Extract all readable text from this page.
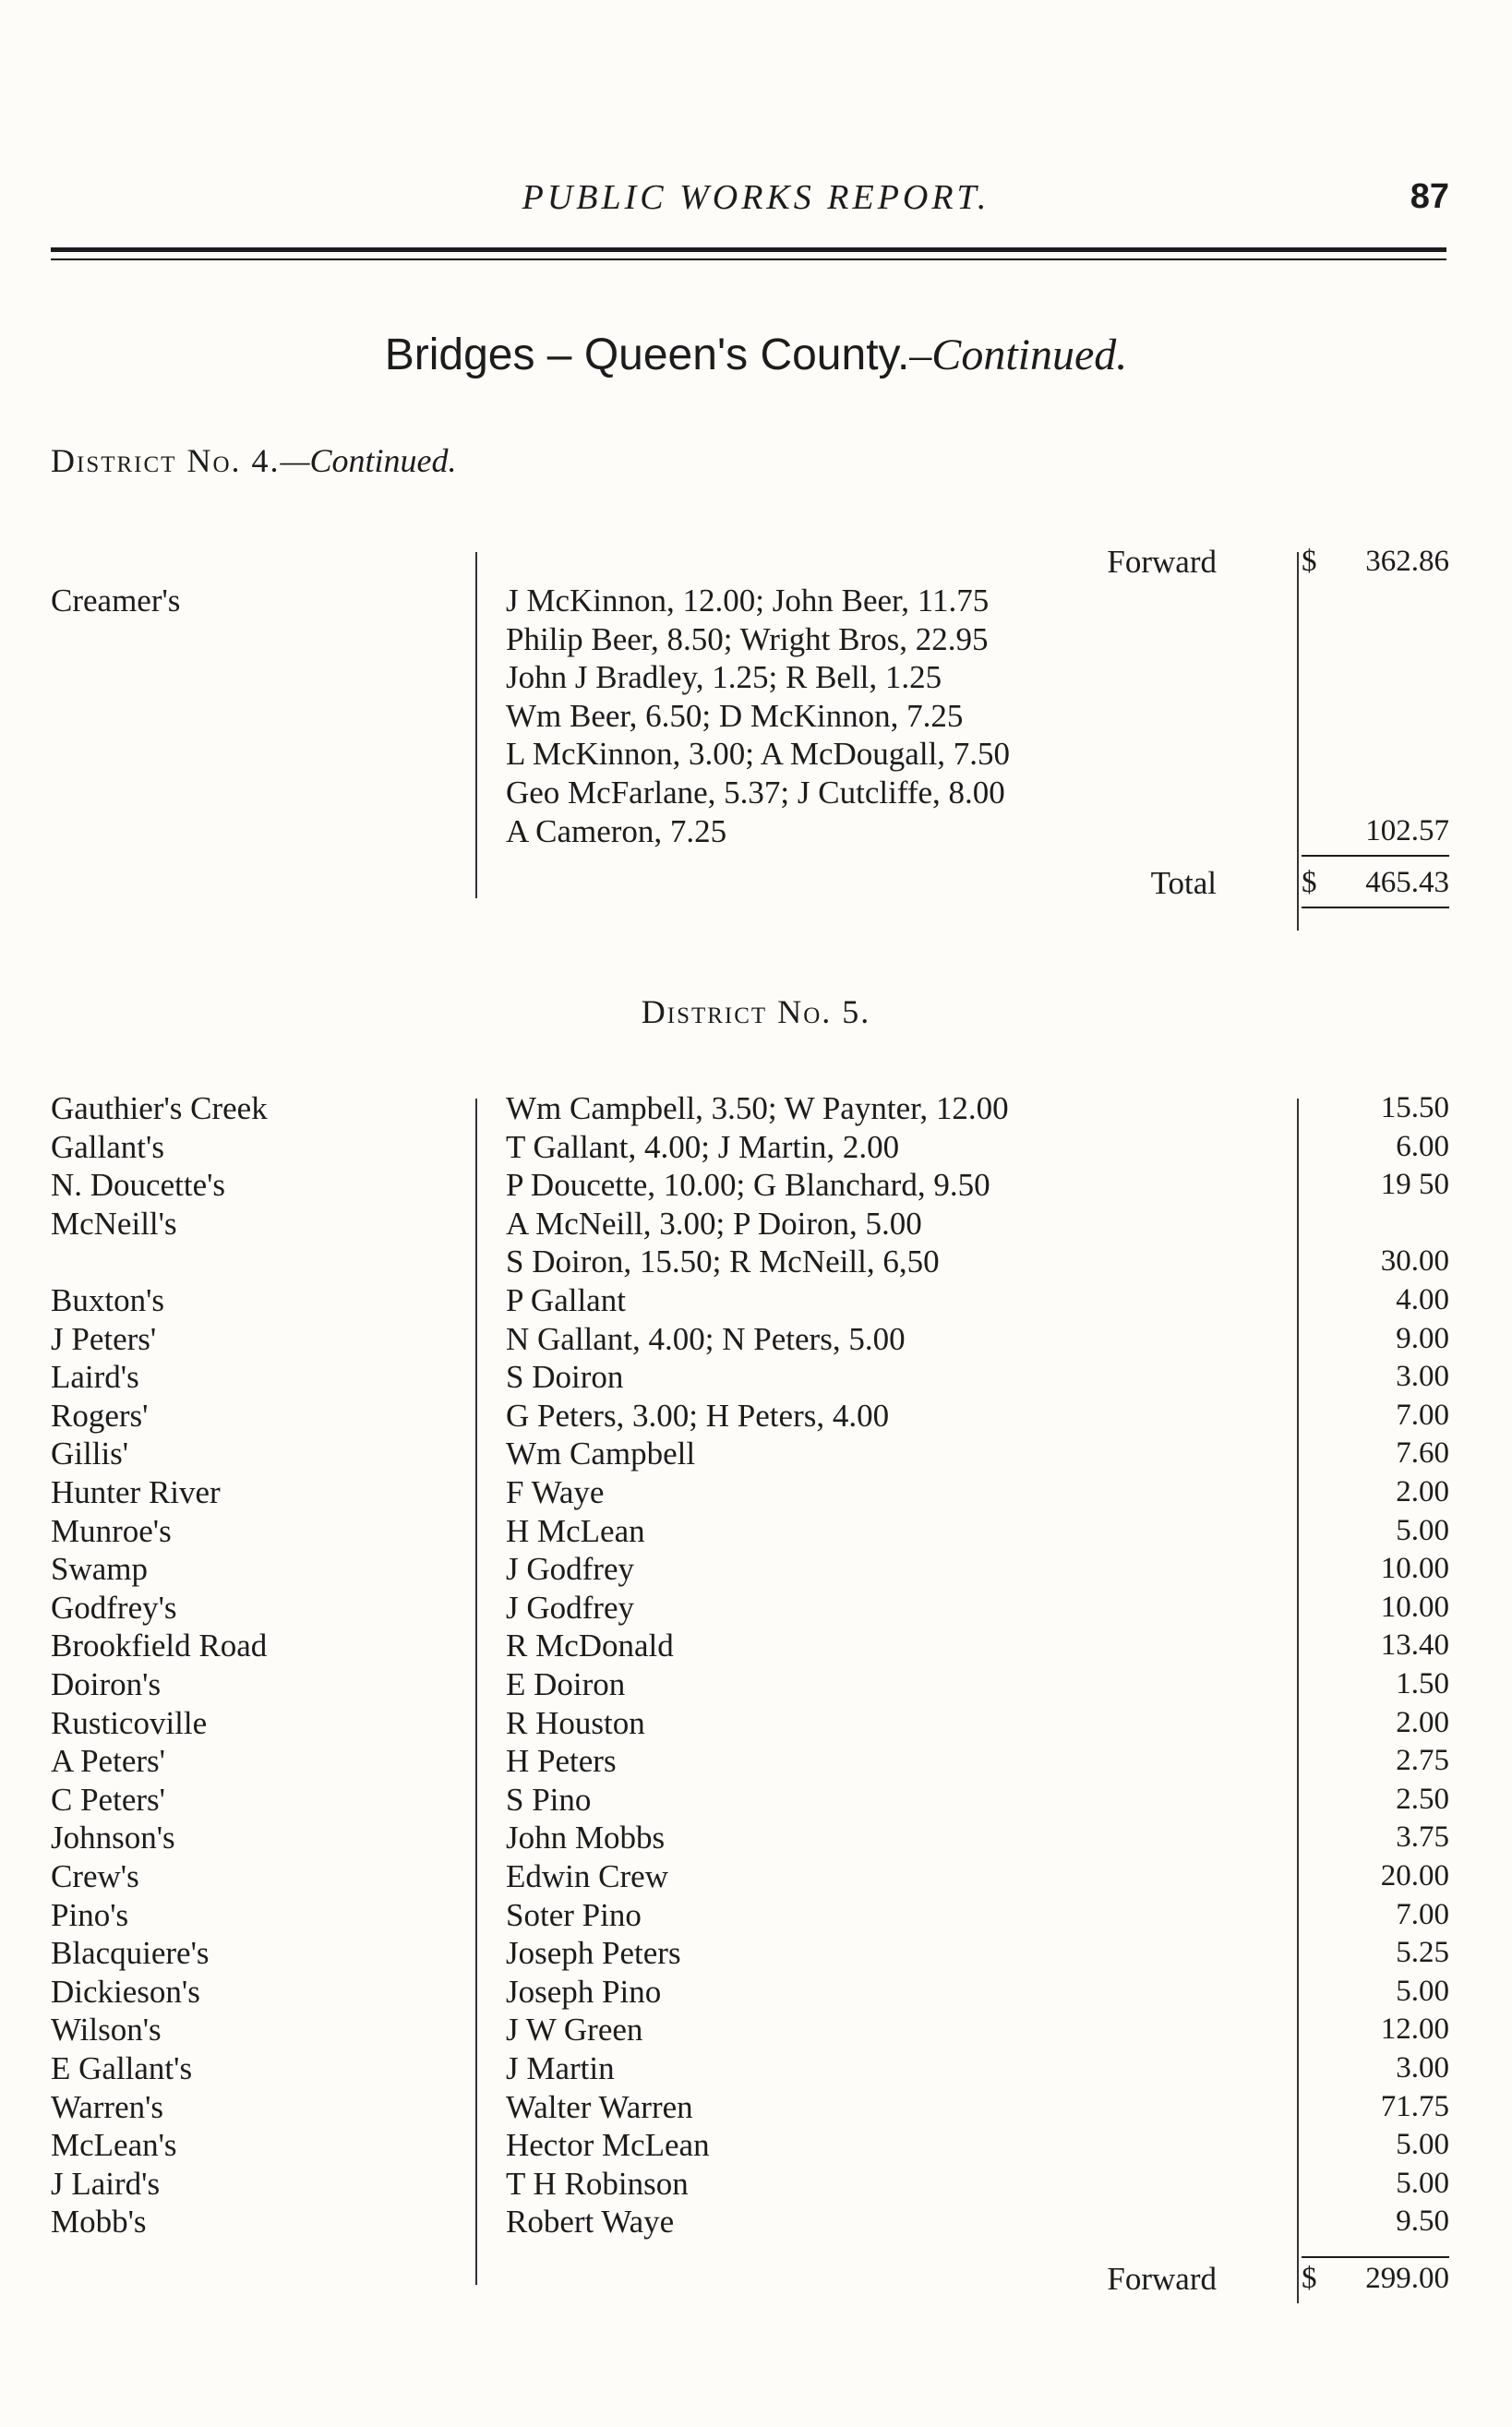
PUBLIC WORKS REPORT.	87
Bridges – Queen's County.–Continued.
District No. 4.—Continued.
Forward	$	362.86
Creamer's	J McKinnon, 12.00; John Beer, 11.75
Philip Beer, 8.50; Wright Bros, 22.95
John J Bradley, 1.25; R Bell, 1.25
Wm Beer, 6.50; D McKinnon, 7.25
L McKinnon, 3.00; A McDougall, 7.50
Geo McFarlane, 5.37; J Cutcliffe, 8.00
A Cameron, 7.25	102.57
Total	$	465.43
District No. 5.
Gauthier's Creek	Wm Campbell, 3.50; W Paynter, 12.00	15.50
Gallant's	T Gallant, 4.00; J Martin, 2.00	6.00
N. Doucette's	P Doucette, 10.00; G Blanchard, 9.50	19 50
McNeill's	A McNeill, 3.00; P Doiron, 5.00
S Doiron, 15.50; R McNeill, 6,50	30.00
Buxton's	P Gallant	4.00
J Peters'	N Gallant, 4.00; N Peters, 5.00	9.00
Laird's	S Doiron	3.00
Rogers'	G Peters, 3.00; H Peters, 4.00	7.00
Gillis'	Wm Campbell	7.60
Hunter River	F Waye	2.00
Munroe's	H McLean	5.00
Swamp	J Godfrey	10.00
Godfrey's	J Godfrey	10.00
Brookfield Road	R McDonald	13.40
Doiron's	E Doiron	1.50
Rusticoville	R Houston	2.00
A Peters'	H Peters	2.75
C Peters'	S Pino	2.50
Johnson's	John Mobbs	3.75
Crew's	Edwin Crew	20.00
Pino's	Soter Pino	7.00
Blacquiere's	Joseph Peters	5.25
Dickieson's	Joseph Pino	5.00
Wilson's	J W Green	12.00
E Gallant's	J Martin	3.00
Warren's	Walter Warren	71.75
McLean's	Hector McLean	5.00
J Laird's	T H Robinson	5.00
Mobb's	Robert Waye	9.50
Forward	$	299.00
